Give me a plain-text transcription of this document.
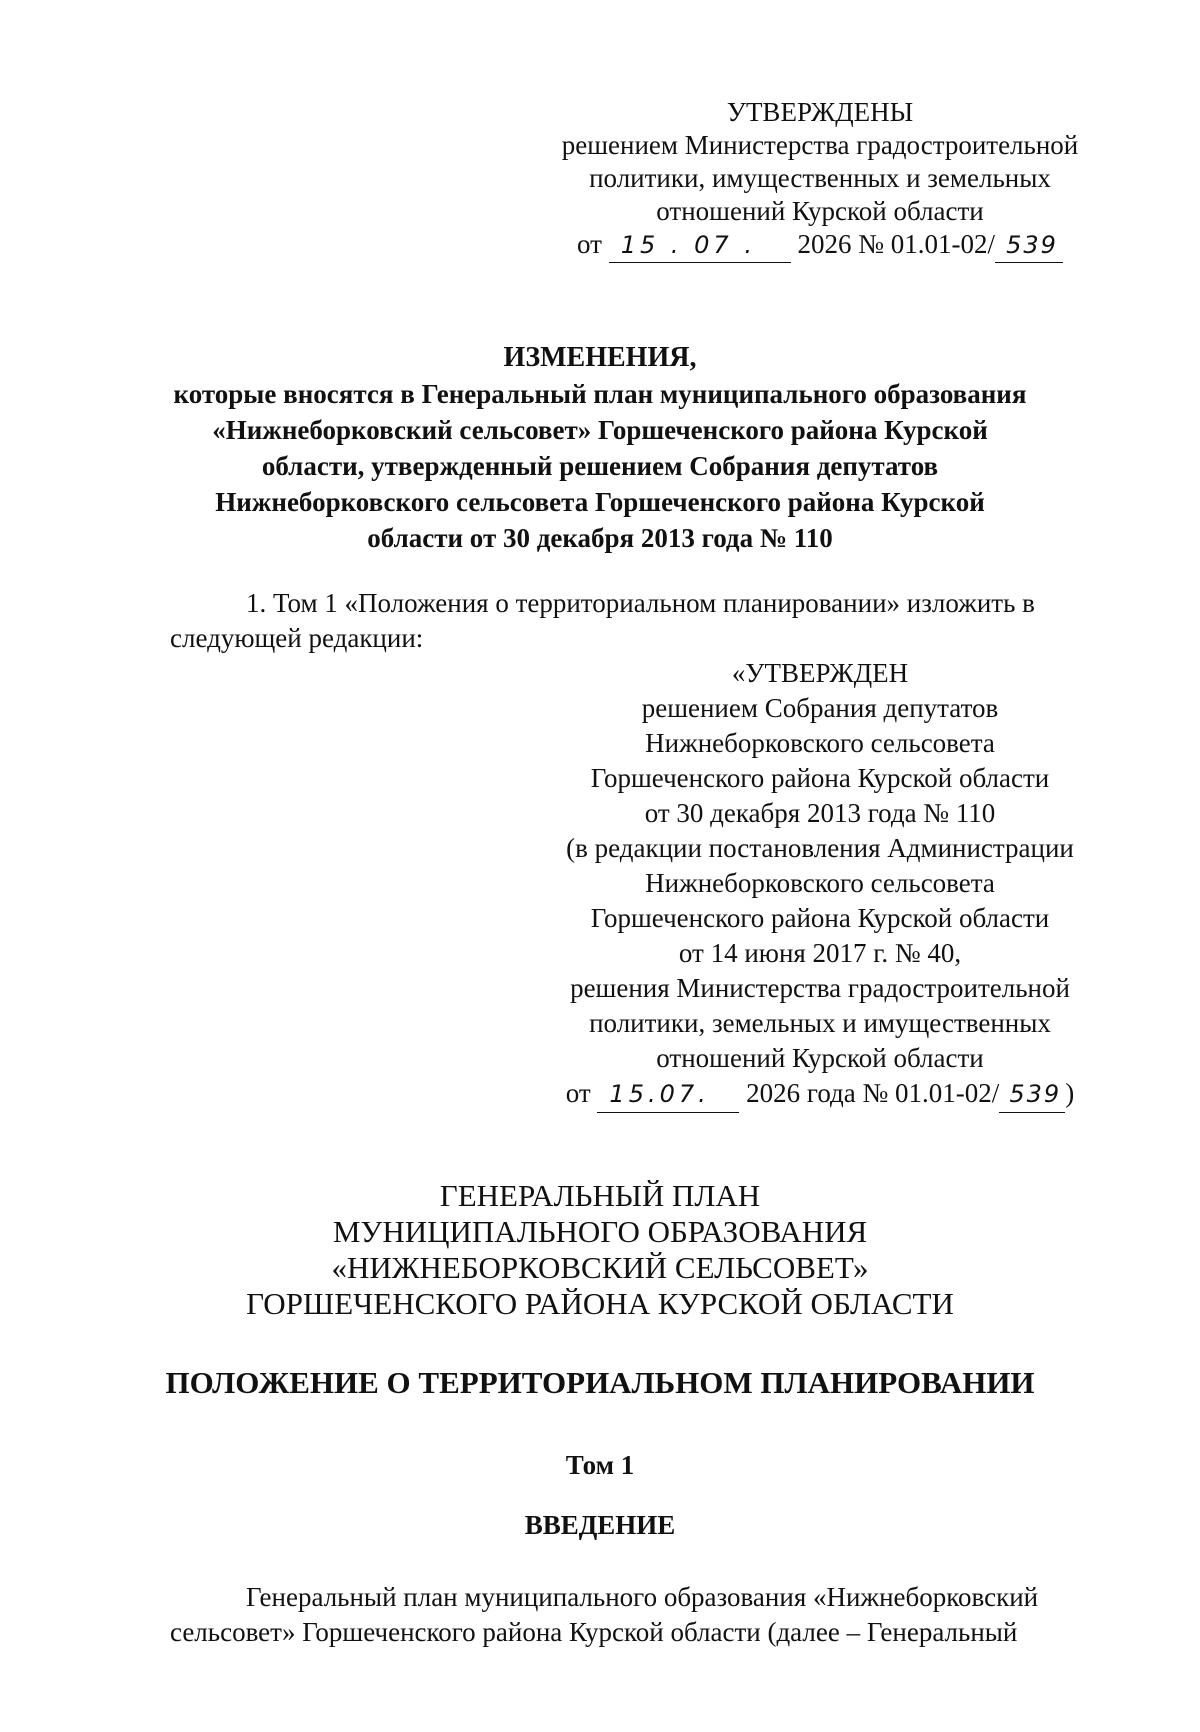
УТВЕРЖДЕНЫ
решением Министерства градостроительной
политики, имущественных и земельных
отношений Курской области
от 15 . 07 . 2026 № 01.01-02/ 539
ИЗМЕНЕНИЯ,
которые вносятся в Генеральный план муниципального образования
«Нижнеборковский сельсовет» Горшеченского района Курской
области, утвержденный решением Собрания депутатов
Нижнеборковского сельсовета Горшеченского района Курской
области от 30 декабря 2013 года № 110
1. Том 1 «Положения о территориальном планировании» изложить в
следующей редакции:
«УТВЕРЖДЕН
решением Собрания депутатов
Нижнеборковского сельсовета
Горшеченского района Курской области
от 30 декабря 2013 года № 110
(в редакции постановления Администрации
Нижнеборковского сельсовета
Горшеченского района Курской области
от 14 июня 2017 г. № 40,
решения Министерства градостроительной
политики, земельных и имущественных
отношений Курской области
от 15.07. 2026 года № 01.01-02/ 539 )
ГЕНЕРАЛЬНЫЙ ПЛАН
МУНИЦИПАЛЬНОГО ОБРАЗОВАНИЯ
«НИЖНЕБОРКОВСКИЙ СЕЛЬСОВЕТ»
ГОРШЕЧЕНСКОГО РАЙОНА КУРСКОЙ ОБЛАСТИ
ПОЛОЖЕНИЕ О ТЕРРИТОРИАЛЬНОМ ПЛАНИРОВАНИИ
Том 1
ВВЕДЕНИЕ
Генеральный план муниципального образования «Нижнеборковский
сельсовет» Горшеченского района Курской области (далее – Генеральный
